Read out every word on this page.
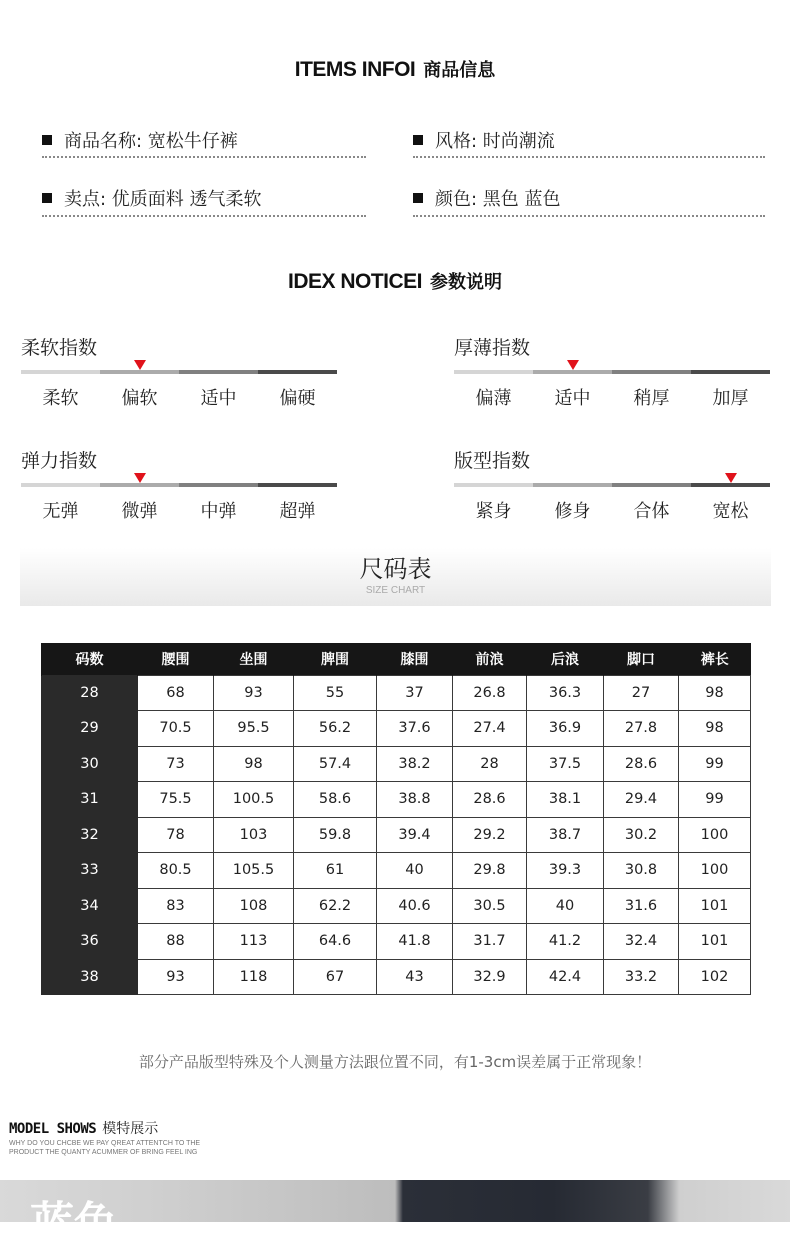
ITEMS INFOI 商品信息
商品名称: 宽松牛仔裤	风格: 时尚潮流
卖点: 优质面料 透气柔软	颜色: 黑色 蓝色
IDEX NOTICEI 参数说明
柔软指数
柔软	偏软	适中	偏硬
厚薄指数
偏薄	适中	稍厚	加厚
弹力指数
无弹	微弹	中弹	超弹
版型指数
紧身	修身	合体	宽松
尺码表
SIZE CHART
码数	腰围	坐围	脾围	膝围	前浪	后浪	脚口	裤长
28	68	93	55	37	26.8	36.3	27	98
29	70.5	95.5	56.2	37.6	27.4	36.9	27.8	98
30	73	98	57.4	38.2	28	37.5	28.6	99
31	75.5	100.5	58.6	38.8	28.6	38.1	29.4	99
32	78	103	59.8	39.4	29.2	38.7	30.2	100
33	80.5	105.5	61	40	29.8	39.3	30.8	100
34	83	108	62.2	40.6	30.5	40	31.6	101
36	88	113	64.6	41.8	31.7	41.2	32.4	101
38	93	118	67	43	32.9	42.4	33.2	102
部分产品版型特殊及个人测量方法跟位置不同，有1-3cm误差属于正常现象！
MODEL SHOWS 模特展示
WHY DO YOU CHCBE WE PAY QREAT ATTENTCH TO THE
PRODUCT THE QUANTY ACUMMER OF BRING FEEL ING
蓝色
